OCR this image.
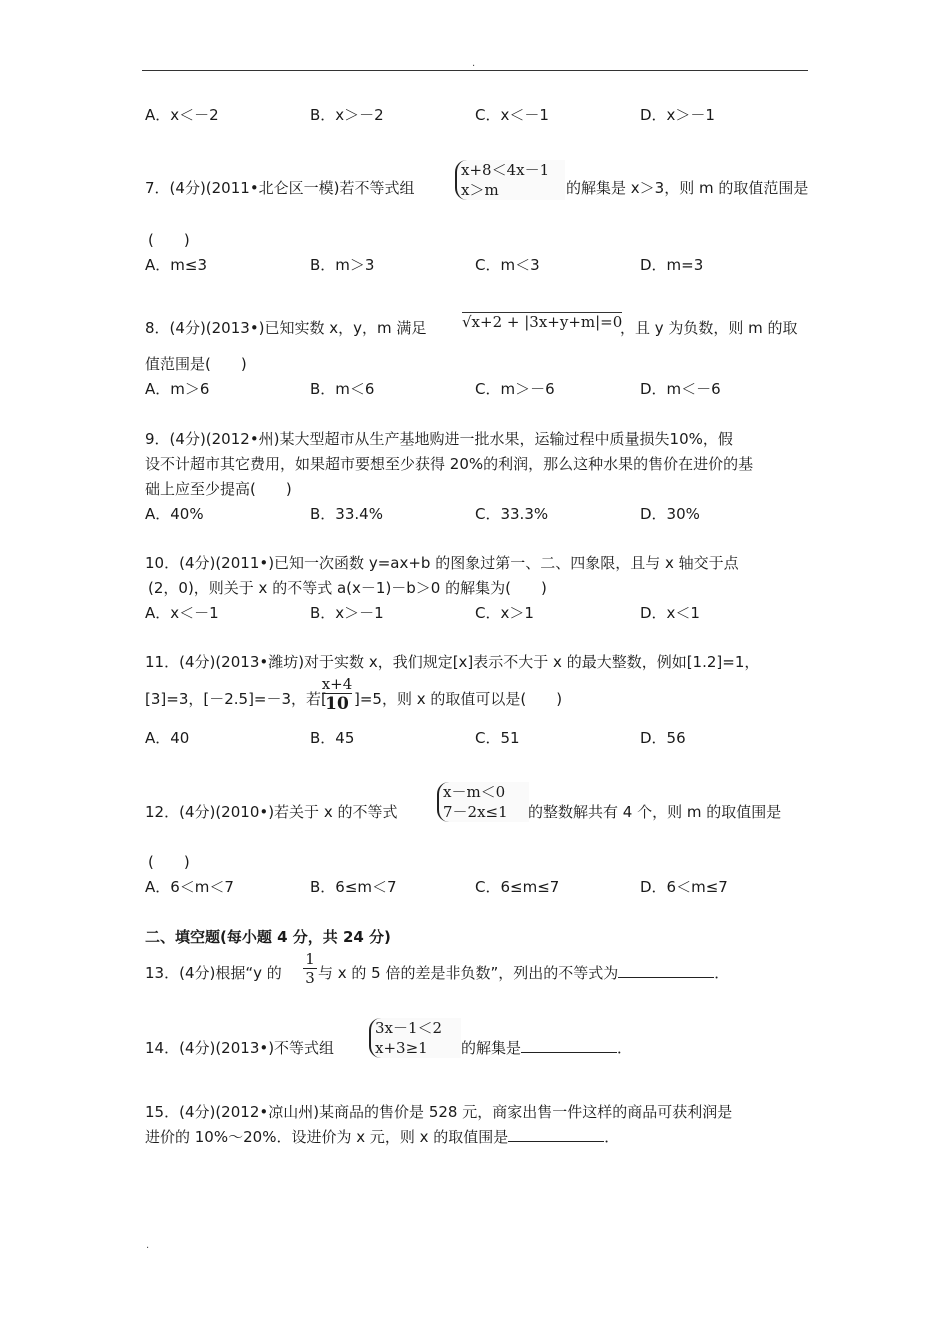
.
A．x＜－2	B．x＞－2	C．x＜－1	D．x＞－1
7．(4分)(2011•北仑区一模)若不等式组
x+8＜4x－1
x＞m	的解集是 x＞3，则 m 的取值范围是
(　　)
A．m≤3	B．m＞3	C．m＜3	D．m=3
8．(4分)(2013•)已知实数 x，y，m 满足 √x+2 + |3x+y+m|=0
，且 y 为负数，则 m 的取
值范围是(　　)
A．m＞6	B．m＜6	C．m＞－6	D．m＜－6
9．(4分)(2012•州)某大型超市从生产基地购进一批水果，运输过程中质量损失10%，假
设不计超市其它费用，如果超市要想至少获得 20%的利润，那么这种水果的售价在进价的基
础上应至少提高(　　)
A．40%	B．33.4%	C．33.3%	D．30%
10．(4分)(2011•)已知一次函数 y=ax+b 的图象过第一、二、四象限，且与 x 轴交于点
(2，0)，则关于 x 的不等式 a(x－1)－b＞0 的解集为(　　)
A．x＜－1	B．x＞－1	C．x＞1	D．x＜1
11．(4分)(2013•潍坊)对于实数 x，我们规定[x]表示不大于 x 的最大整数，例如[1.2]=1，
[3]=3，[－2.5]=－3，若[
x+4
10 ]=5，则 x 的取值可以是(　　)
A．40	B．45	C．51	D．56
12．(4分)(2010•)若关于 x 的不等式
x－m＜0
7－2x≤1	的整数解共有 4 个，则 m 的取值围是
(　　)
A．6＜m＜7	B．6≤m＜7	C．6≤m≤7	D．6＜m≤7
二、填空题(每小题 4 分，共 24 分)
13．(4分)根据“y 的
1
3 与 x 的 5 倍的差是非负数”，列出的不等式为	．
14．(4分)(2013•)不等式组
3x－1＜2
x+3≥1	的解集是	．
15．(4分)(2012•凉山州)某商品的售价是 528 元，商家出售一件这样的商品可获利润是
进价的 10%～20%．设进价为 x 元，则 x 的取值围是	．
.
